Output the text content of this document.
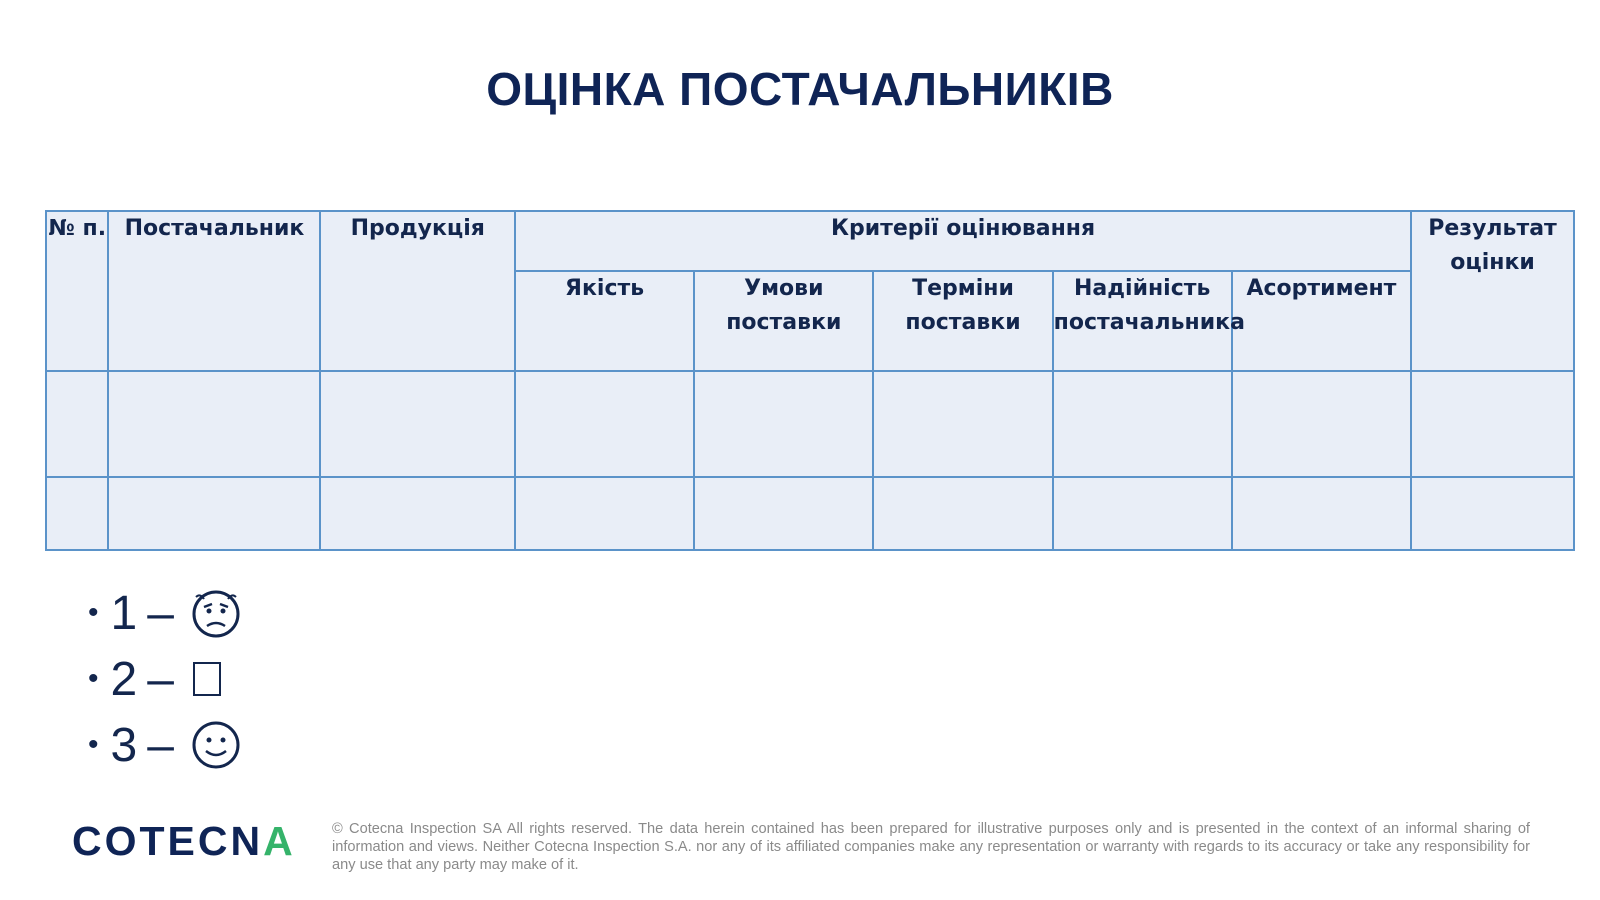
ОЦІНКА ПОСТАЧАЛЬНИКІВ
№ п.	Постачальник	Продукція	Критерії оцінювання					Результат оцінки
			Якість	Умови поставки	Терміни поставки	Надійність постачальника	Асортимент	

• 1 –
• 2 –
• 3 –
COTECNA © Cotecna Inspection SA All rights reserved. The data herein contained has been prepared for illustrative purposes only and is presented in the context of an informal sharing of information and views. Neither Cotecna Inspection S.A. nor any of its affiliated companies make any representation or warranty with regards to its accuracy or take any responsibility for any use that any party may make of it.
